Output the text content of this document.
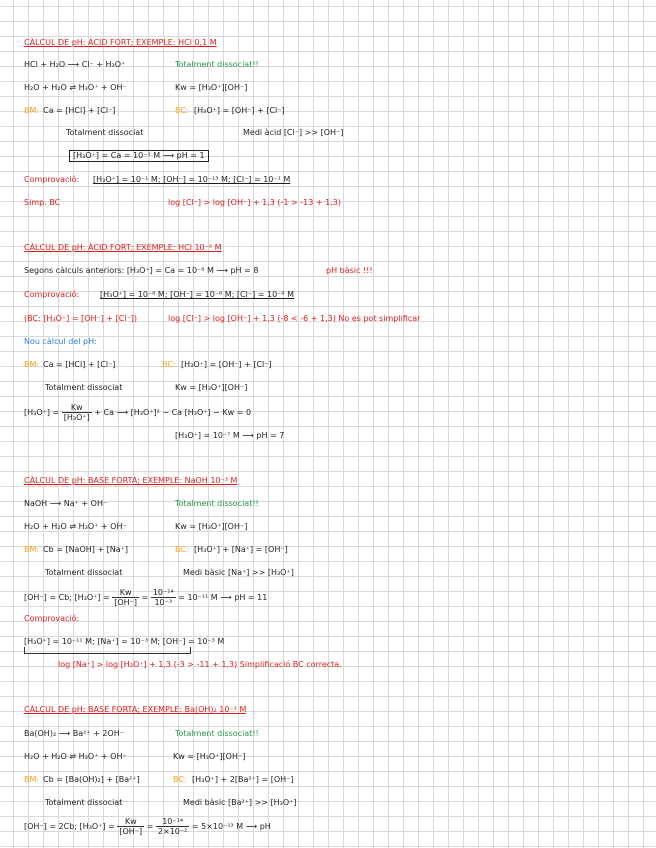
CÀLCUL DE pH: ÀCID FORT; EXEMPLE: HCl 0,1 M
HCl + H₂O ⟶ Cl⁻ + H₃O⁺	Totalment dissociat!!
H₂O + H₂O ⇌ H₃O⁺ + OH⁻	Kw = [H₃O⁺][OH⁻]
BM: Ca = [HCl] + [Cl⁻]	BC: [H₃O⁺] = [OH⁻] + [Cl⁻]
Totalment dissociat	Medi àcid [Cl⁻] >> [OH⁻]
[H₃O⁺] = Ca = 10⁻¹ M ⟶ pH = 1
Comprovació: [H₃O⁺] = 10⁻¹ M; [OH⁻] = 10⁻¹³ M; [Cl⁻] = 10⁻¹ M
Simp. BC	log [Cl⁻] > log [OH⁻] + 1,3 (-1 > -13 + 1,3)
CÀLCUL DE pH: ÀCID FORT; EXEMPLE: HCl 10⁻⁸ M
Segons càlculs anteriors: [H₃O⁺] = Ca = 10⁻⁸ M ⟶ pH = 8	pH bàsic !!!
Comprovació:	[H₃O⁺] = 10⁻⁸ M; [OH⁻] = 10⁻⁶ M; [Cl⁻] = 10⁻⁸ M
(BC: [H₃O⁺] = [OH⁻] + [Cl⁻])	log [Cl⁻] > log [OH⁻] + 1,3 (-8 < -6 + 1,3) No es pot simplificar
Nou càlcul del pH:
BM: Ca = [HCl] + [Cl⁻]	BC: [H₃O⁺] = [OH⁻] + [Cl⁻]
Totalment dissociat	Kw = [H₃O⁺][OH⁻]
$[H_3O^+] = \frac{Kw}{\text{[H₃O⁺]}} + Ca$ ⟶ [H₃O⁺]² − Ca [H₃O⁺] − Kw = 0
[H₃O⁺] = 10⁻⁷ M ⟶ pH = 7
CÀLCUL DE pH: BASE FORTA; EXEMPLE: NaOH 10⁻³ M
NaOH ⟶ Na⁺ + OH⁻	Totalment dissociat!!
H₂O + H₂O ⇌ H₃O⁺ + OH⁻	Kw = [H₃O⁺][OH⁻]
BM: Cb = [NaOH] + [Na⁺]	BC: [H₃O⁺] + [Na⁺] = [OH⁻]
Totalment dissociat	Medi bàsic [Na⁺] >> [H₃O⁺]
[OH⁻] = Cb; $[H_3O^+] = \frac{Kw}{[OH^-]} = \frac{\text{10⁻¹⁴}}{\text{10⁻³}} = 10^{-11}$ M ⟶ pH = 11
Comprovació:
[H₃O⁺] = 10⁻¹¹ M; [Na⁺] = 10⁻³ M; [OH⁻] = 10⁻³ M
log [Na⁺] > log [H₃O⁺] + 1,3 (-3 > -11 + 1,3) Simplificació BC correcta.
CÀLCUL DE pH: BASE FORTA; EXEMPLE: Ba(OH)₂ 10⁻² M
Ba(OH)₂ ⟶ Ba²⁺ + 2OH⁻	Totalment dissociat!!
H₂O + H₂O ⇌ H₃O⁺ + OH⁻	Kw = [H₃O⁺][OH⁻]
BM: Cb = [Ba(OH)₂] + [Ba²⁺]	BC: [H₃O⁺] + 2[Ba²⁺] = [OH⁻]
Totalment dissociat	Medi bàsic [Ba²⁺] >> [H₃O⁺]
[OH⁻] = 2Cb; $[H_3O^+] = \frac{Kw}{[OH^-]} = \frac{\text{10⁻¹⁴}}{\text{2×10⁻²}} = 5\times 10^{-13}$ M ⟶ pH
